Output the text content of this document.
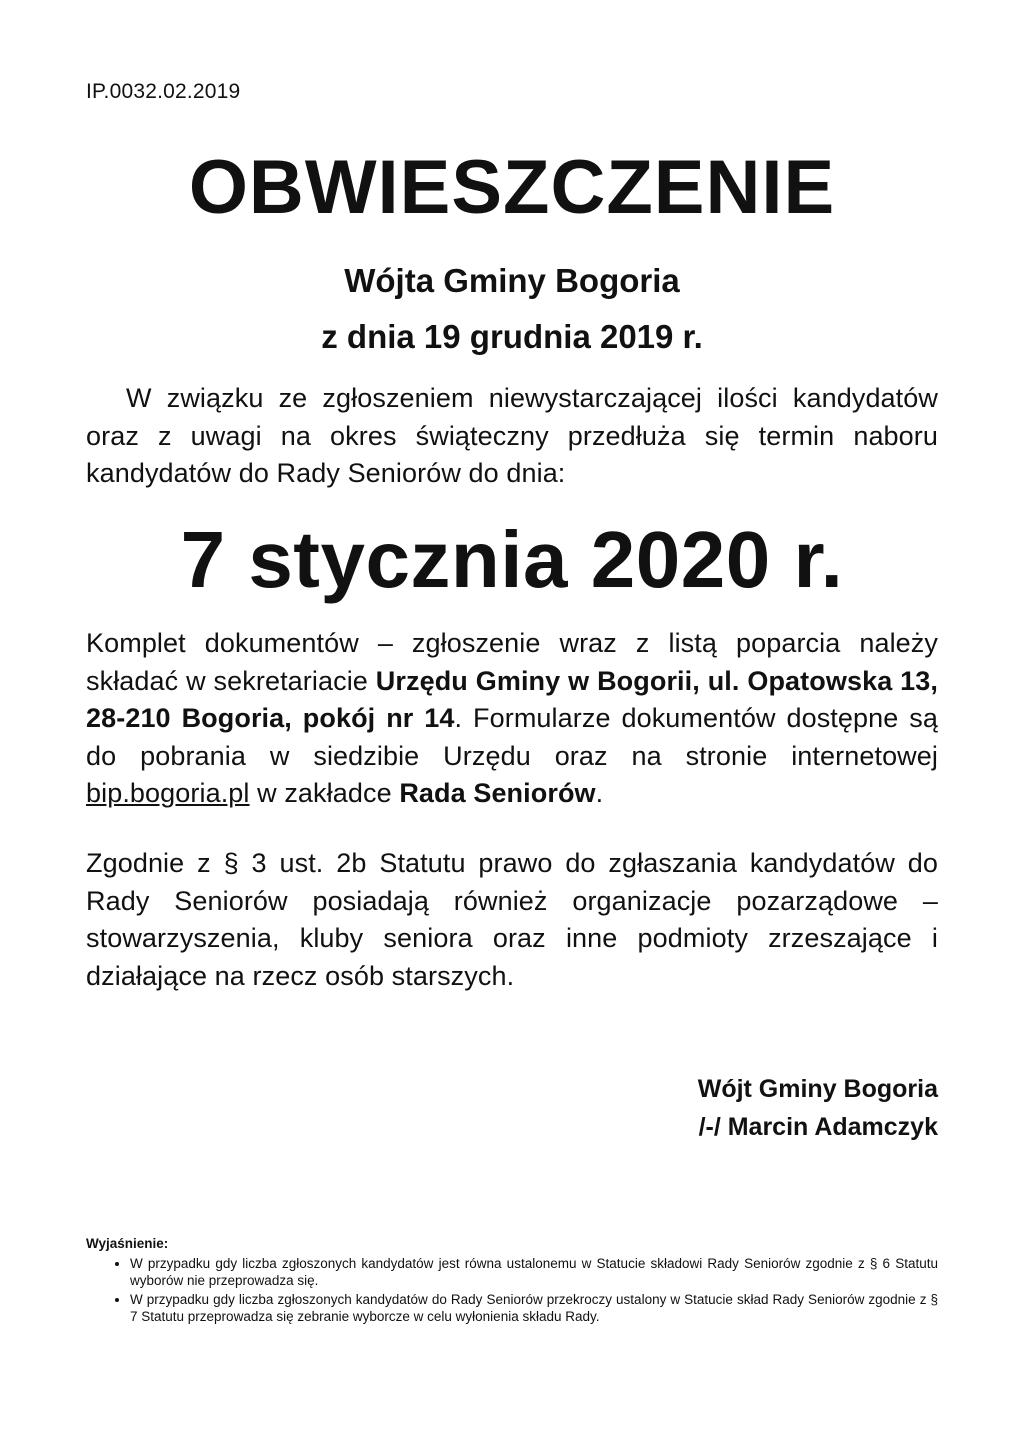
IP.0032.02.2019
OBWIESZCZENIE
Wójta Gminy Bogoria
z dnia 19 grudnia 2019 r.
W związku ze zgłoszeniem niewystarczającej ilości kandydatów oraz z uwagi na okres świąteczny przedłuża się termin naboru kandydatów do Rady Seniorów do dnia:
7 stycznia 2020 r.
Komplet dokumentów – zgłoszenie wraz z listą poparcia należy składać w sekretariacie Urzędu Gminy w Bogorii, ul. Opatowska 13, 28-210 Bogoria, pokój nr 14. Formularze dokumentów dostępne są do pobrania w siedzibie Urzędu oraz na stronie internetowej bip.bogoria.pl w zakładce Rada Seniorów.
Zgodnie z § 3 ust. 2b Statutu prawo do zgłaszania kandydatów do Rady Seniorów posiadają również organizacje pozarządowe – stowarzyszenia, kluby seniora oraz inne podmioty zrzeszające i działające na rzecz osób starszych.
Wójt Gminy Bogoria
/-/ Marcin Adamczyk
Wyjaśnienie:
• W przypadku gdy liczba zgłoszonych kandydatów jest równa ustalonemu w Statucie składowi Rady Seniorów zgodnie z § 6 Statutu wyborów nie przeprowadza się.
• W przypadku gdy liczba zgłoszonych kandydatów do Rady Seniorów przekroczy ustalony w Statucie skład Rady Seniorów zgodnie z § 7 Statutu przeprowadza się zebranie wyborcze w celu wyłonienia składu Rady.
